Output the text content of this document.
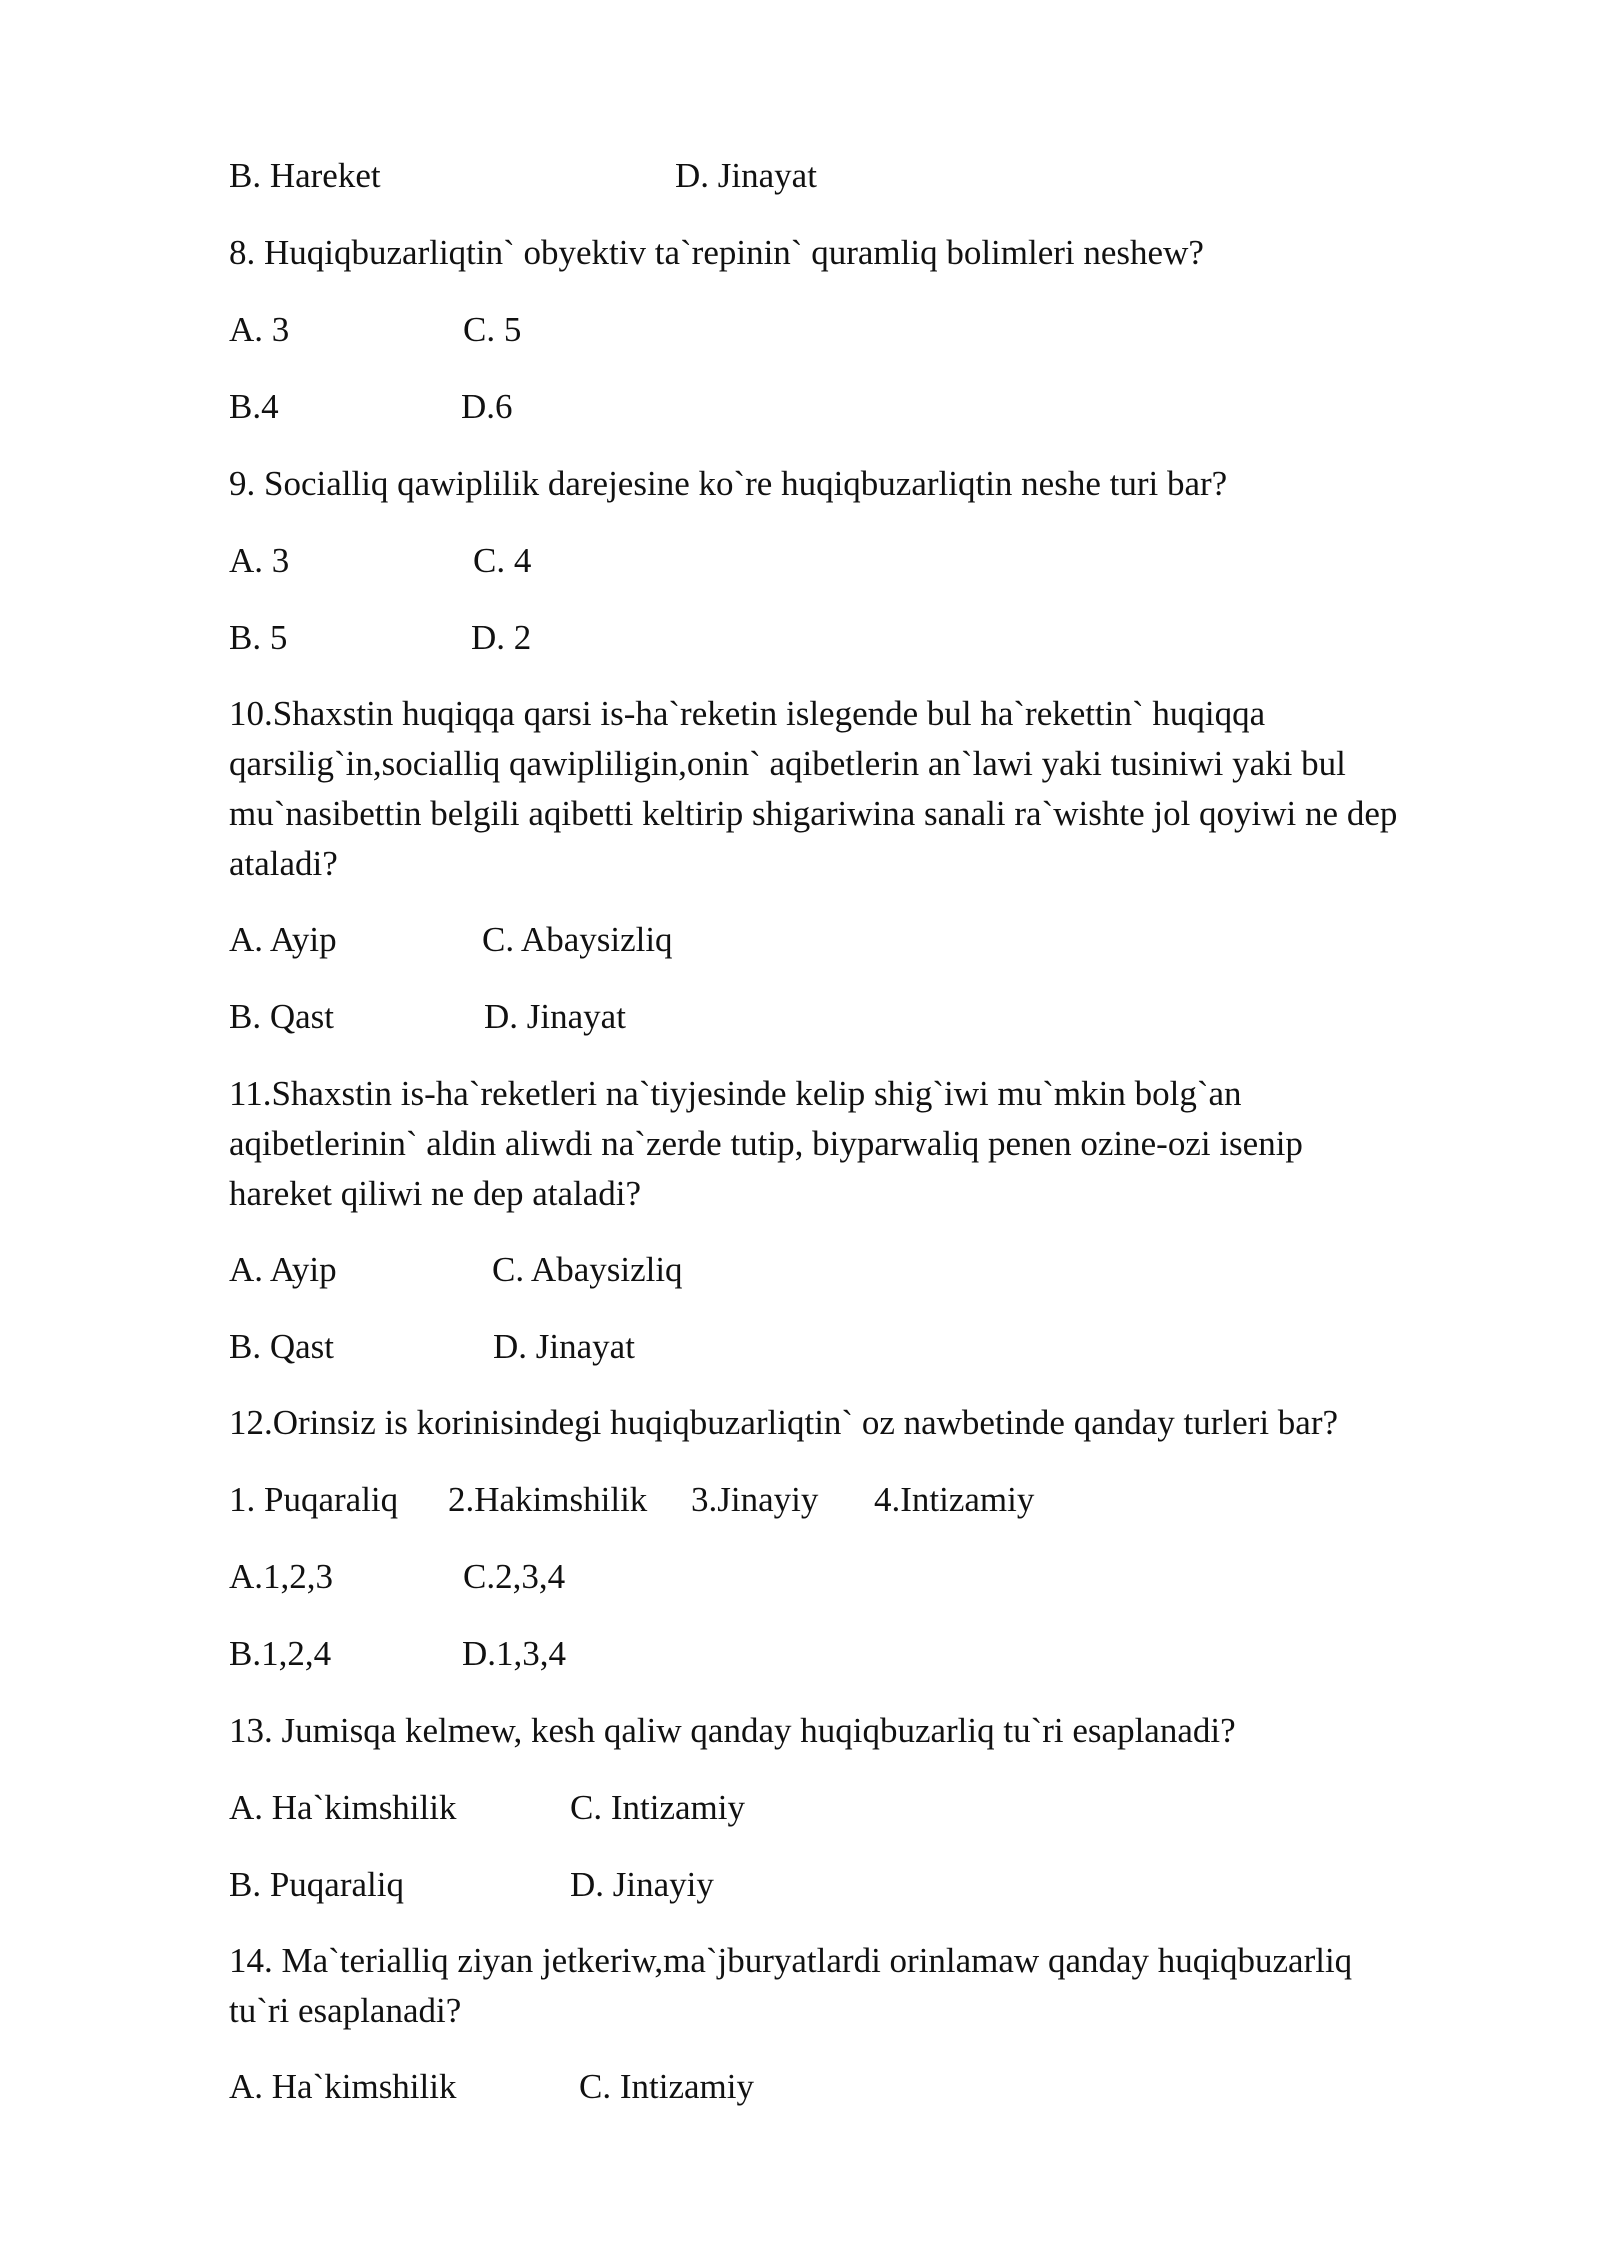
B. Hareket	D. Jinayat
8. Huqiqbuzarliqtin` obyektiv ta`repinin` quramliq bolimleri neshew?
A. 3	C. 5
B.4	D.6
9. Socialliq qawiplilik darejesine ko`re huqiqbuzarliqtin neshe turi bar?
A. 3	C. 4
B. 5	D. 2
10.Shaxstin huqiqqa qarsi is-ha`reketin islegende bul ha`rekettin` huqiqqa
qarsilig`in,socialliq qawipliligin,onin` aqibetlerin an`lawi yaki tusiniwi yaki bul
mu`nasibettin belgili aqibetti keltirip shigariwina sanali ra`wishte jol qoyiwi ne dep
ataladi?
A. Ayip	C. Abaysizliq
B. Qast	D. Jinayat
11.Shaxstin is-ha`reketleri na`tiyjesinde kelip shig`iwi mu`mkin bolg`an
aqibetlerinin` aldin aliwdi na`zerde tutip, biyparwaliq penen ozine-ozi isenip
hareket qiliwi ne dep ataladi?
A. Ayip	C. Abaysizliq
B. Qast	D. Jinayat
12.Orinsiz is korinisindegi huqiqbuzarliqtin` oz nawbetinde qanday turleri bar?
1. Puqaraliq 2.Hakimshilik 3.Jinayiy 4.Intizamiy
A.1,2,3	C.2,3,4
B.1,2,4	D.1,3,4
13. Jumisqa kelmew, kesh qaliw qanday huqiqbuzarliq tu`ri esaplanadi?
A. Ha`kimshilik	C. Intizamiy
B. Puqaraliq	D. Jinayiy
14. Ma`terialliq ziyan jetkeriw,ma`jburyatlardi orinlamaw qanday huqiqbuzarliq
tu`ri esaplanadi?
A. Ha`kimshilik	C. Intizamiy
